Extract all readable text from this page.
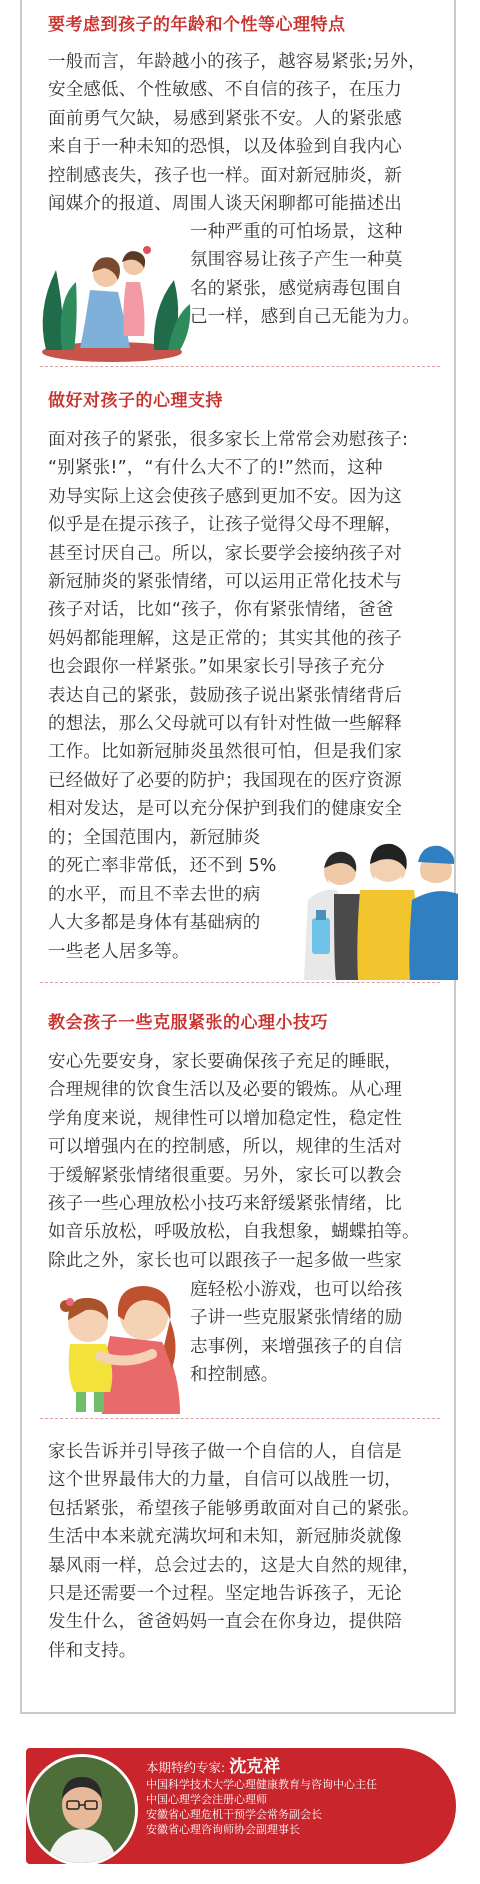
要考虑到孩子的年龄和个性等心理特点
一般而言，年龄越小的孩子，越容易紧张;另外，
安全感低、个性敏感、不自信的孩子，在压力
面前勇气欠缺，易感到紧张不安。人的紧张感
来自于一种未知的恐惧，以及体验到自我内心
控制感丧失，孩子也一样。面对新冠肺炎，新
闻媒介的报道、周围人谈天闲聊都可能描述出
一种严重的可怕场景，这种
氛围容易让孩子产生一种莫
名的紧张，感觉病毒包围自
己一样，感到自己无能为力。
做好对孩子的心理支持
面对孩子的紧张，很多家长上常常会劝慰孩子:
“别紧张!”，“有什么大不了的!”然而，这种
劝导实际上这会使孩子感到更加不安。因为这
似乎是在提示孩子，让孩子觉得父母不理解，
甚至讨厌自己。所以，家长要学会接纳孩子对
新冠肺炎的紧张情绪，可以运用正常化技术与
孩子对话，比如“孩子，你有紧张情绪，爸爸
妈妈都能理解，这是正常的；其实其他的孩子
也会跟你一样紧张。”如果家长引导孩子充分
表达自己的紧张，鼓励孩子说出紧张情绪背后
的想法，那么父母就可以有针对性做一些解释
工作。比如新冠肺炎虽然很可怕，但是我们家
已经做好了必要的防护；我国现在的医疗资源
相对发达，是可以充分保护到我们的健康安全
的；全国范围内，新冠肺炎
的死亡率非常低，还不到 5%
的水平，而且不幸去世的病
人大多都是身体有基础病的
一些老人居多等。
教会孩子一些克服紧张的心理小技巧
安心先要安身，家长要确保孩子充足的睡眠，
合理规律的饮食生活以及必要的锻炼。从心理
学角度来说，规律性可以增加稳定性，稳定性
可以增强内在的控制感，所以，规律的生活对
于缓解紧张情绪很重要。另外，家长可以教会
孩子一些心理放松小技巧来舒缓紧张情绪，比
如音乐放松，呼吸放松，自我想象，蝴蝶拍等。
除此之外，家长也可以跟孩子一起多做一些家
庭轻松小游戏，也可以给孩
子讲一些克服紧张情绪的励
志事例，来增强孩子的自信
和控制感。
家长告诉并引导孩子做一个自信的人，自信是
这个世界最伟大的力量，自信可以战胜一切，
包括紧张，希望孩子能够勇敢面对自己的紧张。
生活中本来就充满坎坷和未知，新冠肺炎就像
暴风雨一样，总会过去的，这是大自然的规律，
只是还需要一个过程。坚定地告诉孩子，无论
发生什么，爸爸妈妈一直会在你身边，提供陪
伴和支持。
本期特约专家: 沈克祥
中国科学技术大学心理健康教育与咨询中心主任
中国心理学会注册心理师
安徽省心理危机干预学会常务副会长
安徽省心理咨询师协会副理事长
